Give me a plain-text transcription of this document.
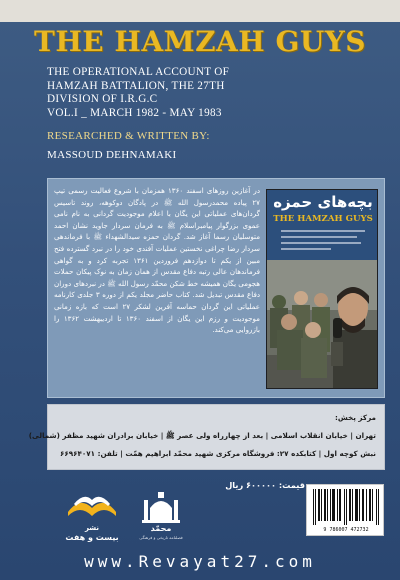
THE HAMZAH GUYS
THE OPERATIONAL ACCOUNT OF
HAMZAH BATTALION, THE 27TH
DIVISION OF I.R.G.C
VOL.I _ MARCH 1982 - MAY 1983
RESEARCHED & WRITTEN BY:
MASSOUD DEHNAMAKI
در آغازین روزهای اسفند ۱۳۶۰ همزمان با شروع فعالیت رسمی تیپ ۲۷ پیاده محمدرسول الله ﷺ در پادگان دوکوهه، روند تاسیس گردان‌های عملیاتی این یگان با اعلام موجودیت گردانی به نام نامی عموی بزرگوار پیامبراسلام ﷺ به فرمان سردار جاوید نشان احمد متوسلیان رسما آغاز شد. گردان حمزه سیدالشهداء ﷺ با فرماندهی سردار رضا چراغی نخستین عملیات آفندی خود را در نبرد گسترده فتح مبین از یکم تا دوازدهم فروردین ۱۳۶۱ تجربه کرد و به گواهی فرماندهان عالی رتبه دفاع مقدس از همان زمان به نوک پیکان حملات هجومی یگان همیشه خط شکن محمّد رسول الله ﷺ در نبردهای دوران دفاع مقدس تبدیل شد. کتاب حاضر مجلد یکم از دوره ۳ جلدی کارنامه عملیاتی این گردان حماسه آفرین لشکر ۲۷ است که بازه زمانی موجودیت و رزم این یگان از اسفند ۱۳۶۰ تا اردیبهشت ۱۳۶۲ را بازروایی می‌کند.
بچه‌های حمزه
THE HAMZAH GUYS
مرکز پخش:
تهران | خیابان انقلاب اسلامی | بعد از چهارراه ولی عصر ﷺ | خیابان برادران شهید مظفر (شمالی)
نبش کوچه اول | کتابکده ۲۷: فروشگاه مرکزی شهید محمّد ابراهیم همّت | تلفن: ۶۶۹۶۴۰۷۱
قیمت: ۶۰۰۰۰۰ ریال
9 786007 472732
نشر
بیست و هفت
محمّد
فصلنامه تاریخی و فرهنگی
www.Revayat27.com
